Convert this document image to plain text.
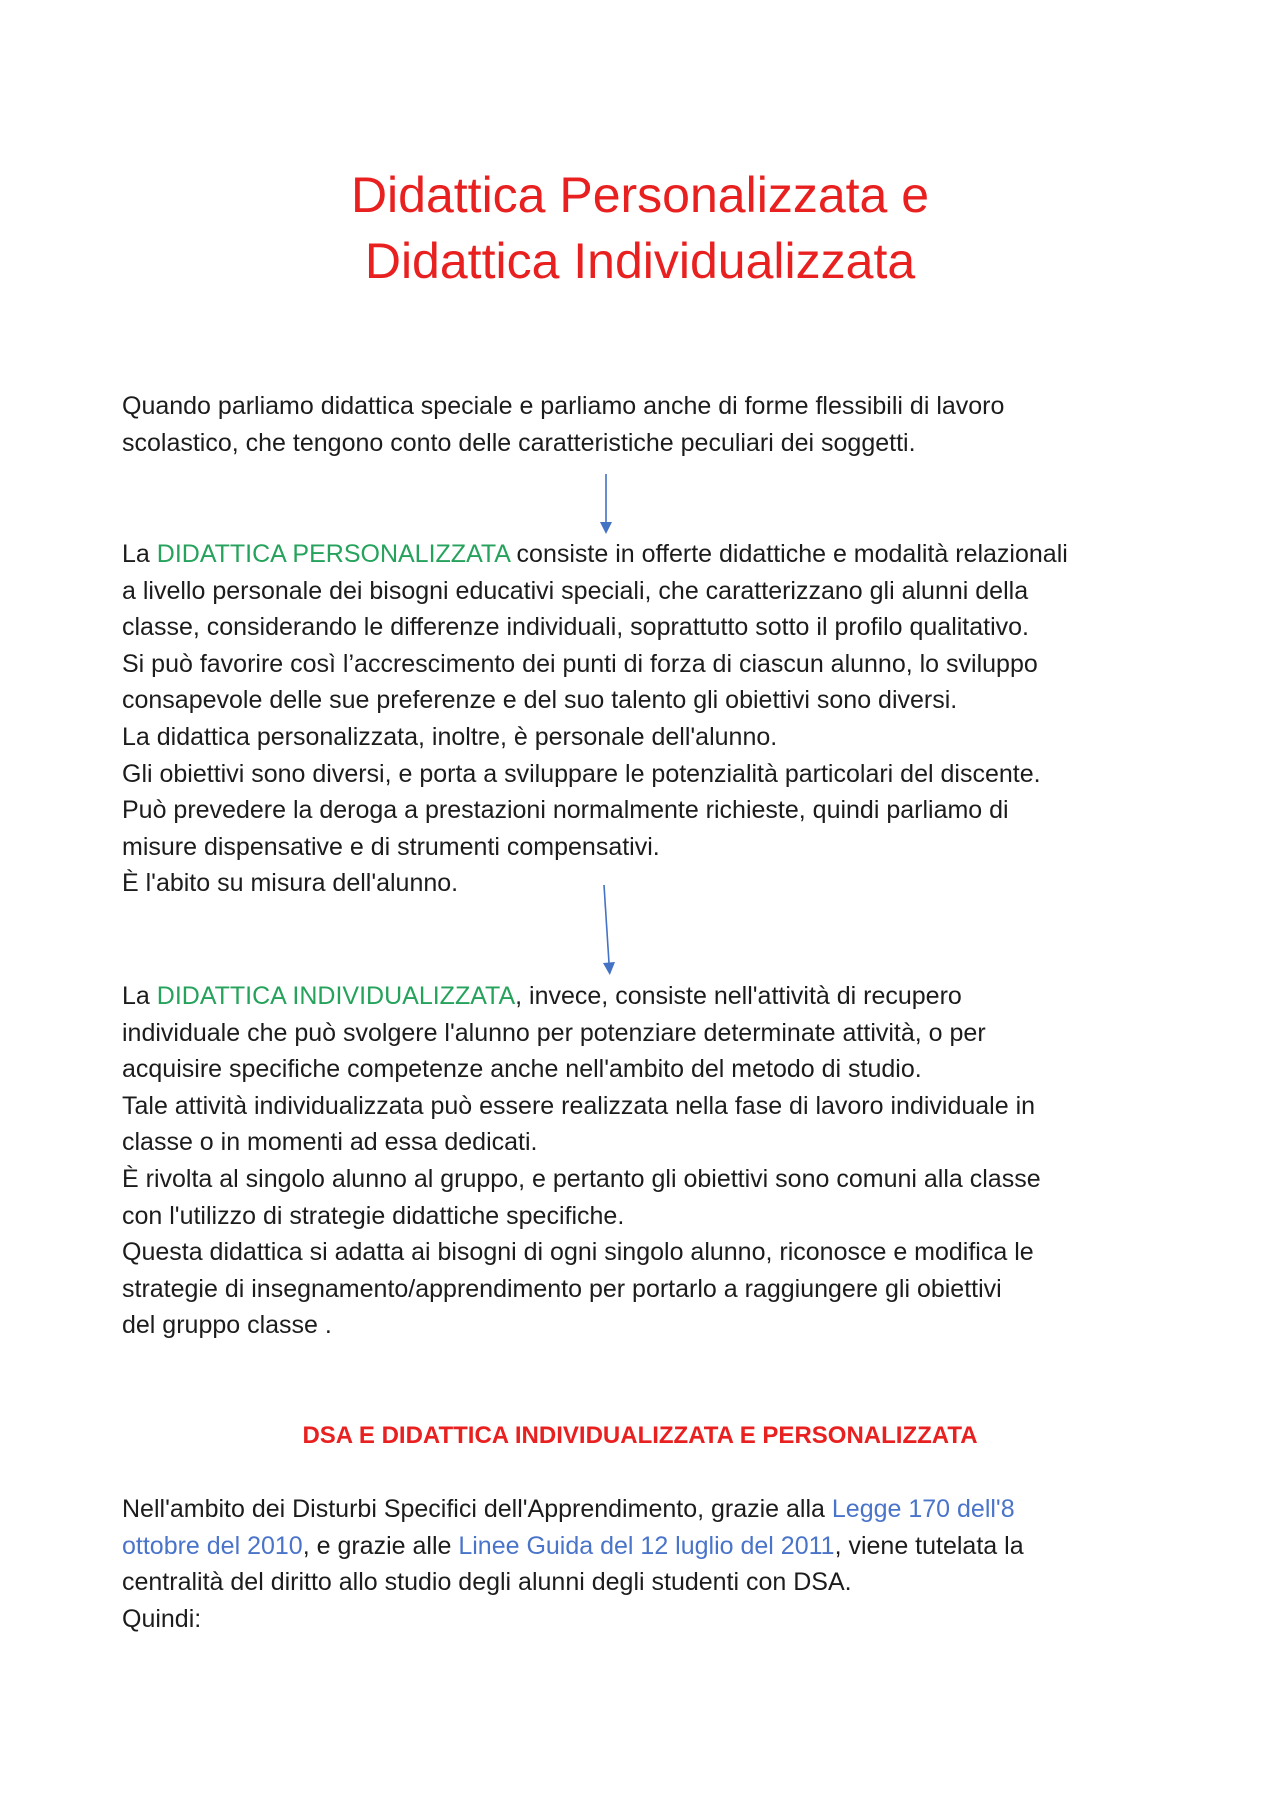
Didattica Personalizzata e
Didattica Individualizzata

Quando parliamo didattica speciale e parliamo anche di forme flessibili di lavoro
scolastico, che tengono conto delle caratteristiche peculiari dei soggetti.

La DIDATTICA PERSONALIZZATA consiste in offerte didattiche e modalità relazionali
a livello personale dei bisogni educativi speciali, che caratterizzano gli alunni della
classe, considerando le differenze individuali, soprattutto sotto il profilo qualitativo.
Si può favorire così l’accrescimento dei punti di forza di ciascun alunno, lo sviluppo
consapevole delle sue preferenze e del suo talento gli obiettivi sono diversi.
La didattica personalizzata, inoltre, è personale dell'alunno.
Gli obiettivi sono diversi, e porta a sviluppare le potenzialità particolari del discente.
Può prevedere la deroga a prestazioni normalmente richieste, quindi parliamo di
misure dispensative e di strumenti compensativi.
È l'abito su misura dell'alunno.

La DIDATTICA INDIVIDUALIZZATA, invece, consiste nell'attività di recupero
individuale che può svolgere l'alunno per potenziare determinate attività, o per
acquisire specifiche competenze anche nell'ambito del metodo di studio.
Tale attività individualizzata può essere realizzata nella fase di lavoro individuale in
classe o in momenti ad essa dedicati.
È rivolta al singolo alunno al gruppo, e pertanto gli obiettivi sono comuni alla classe
con l'utilizzo di strategie didattiche specifiche.
Questa didattica si adatta ai bisogni di ogni singolo alunno, riconosce e modifica le
strategie di insegnamento/apprendimento per portarlo a raggiungere gli obiettivi
del gruppo classe .

DSA E DIDATTICA INDIVIDUALIZZATA E PERSONALIZZATA

Nell'ambito dei Disturbi Specifici dell'Apprendimento, grazie alla Legge 170 dell'8
ottobre del 2010, e grazie alle Linee Guida del 12 luglio del 2011, viene tutelata la
centralità del diritto allo studio degli alunni degli studenti con DSA.
Quindi:
